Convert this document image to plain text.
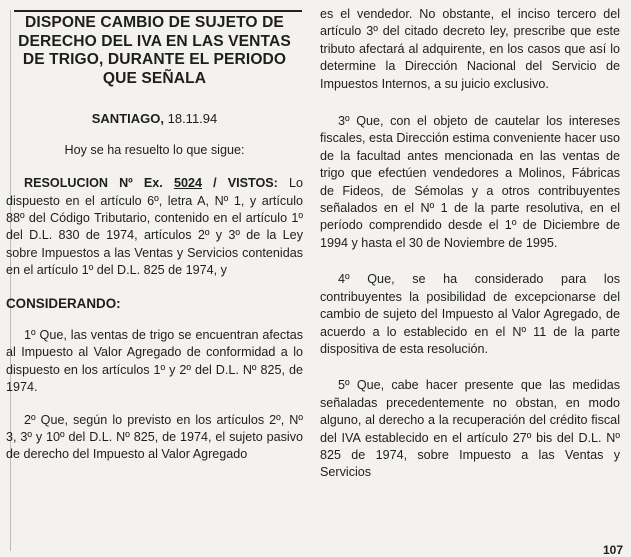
DISPONE CAMBIO DE SUJETO DE DERECHO DEL IVA EN LAS VENTAS DE TRIGO, DURANTE EL PERIODO QUE SEÑALA
SANTIAGO, 18.11.94
Hoy se ha resuelto lo que sigue:

RESOLUCION Nº Ex. 5024 / VISTOS: Lo dispuesto en el artículo 6º, letra A, Nº 1, y artículo 88º del Código Tributario, contenido en el artículo 1º del D.L. 830 de 1974, artículos 2º y 3º de la Ley sobre Impuestos a las Ventas y Servicios contenidas en el artículo 1º del D.L. 825 de 1974, y

CONSIDERANDO:

1º Que, las ventas de trigo se encuentran afectas al Impuesto al Valor Agregado de conformidad a lo dispuesto en los artículos 1º y 2º del D.L. Nº 825, de 1974.

2º Que, según lo previsto en los artículos 2º, Nº 3, 3º y 10º del D.L. Nº 825, de 1974, el sujeto pasivo de derecho del Impuesto al Valor Agregado

es el vendedor. No obstante, el inciso tercero del artículo 3º del citado decreto ley, prescribe que este tributo afectará al adquirente, en los casos que así lo determine la Dirección Nacional del Servicio de Impuestos Internos, a su juicio exclusivo.

3º Que, con el objeto de cautelar los intereses fiscales, esta Dirección estima conveniente hacer uso de la facultad antes mencionada en las ventas de trigo que efectúen vendedores a Molinos, Fábricas de Fideos, de Sémolas y a otros contribuyentes señalados en el Nº 1 de la parte resolutiva, en el período comprendido desde el 1º de Diciembre de 1994 y hasta el 30 de Noviembre de 1995.

4º Que, se ha considerado para los contribuyentes la posibilidad de excepcionarse del cambio de sujeto del Impuesto al Valor Agregado, de acuerdo a lo establecido en el Nº 11 de la parte dispositiva de esta resolución.

5º Que, cabe hacer presente que las medidas señaladas precedentemente no obstan, en modo alguno, al derecho a la recuperación del crédito fiscal del IVA establecido en el artículo 27º bis del D.L. Nº 825 de 1974, sobre Impuesto a las Ventas y Servicios

107
